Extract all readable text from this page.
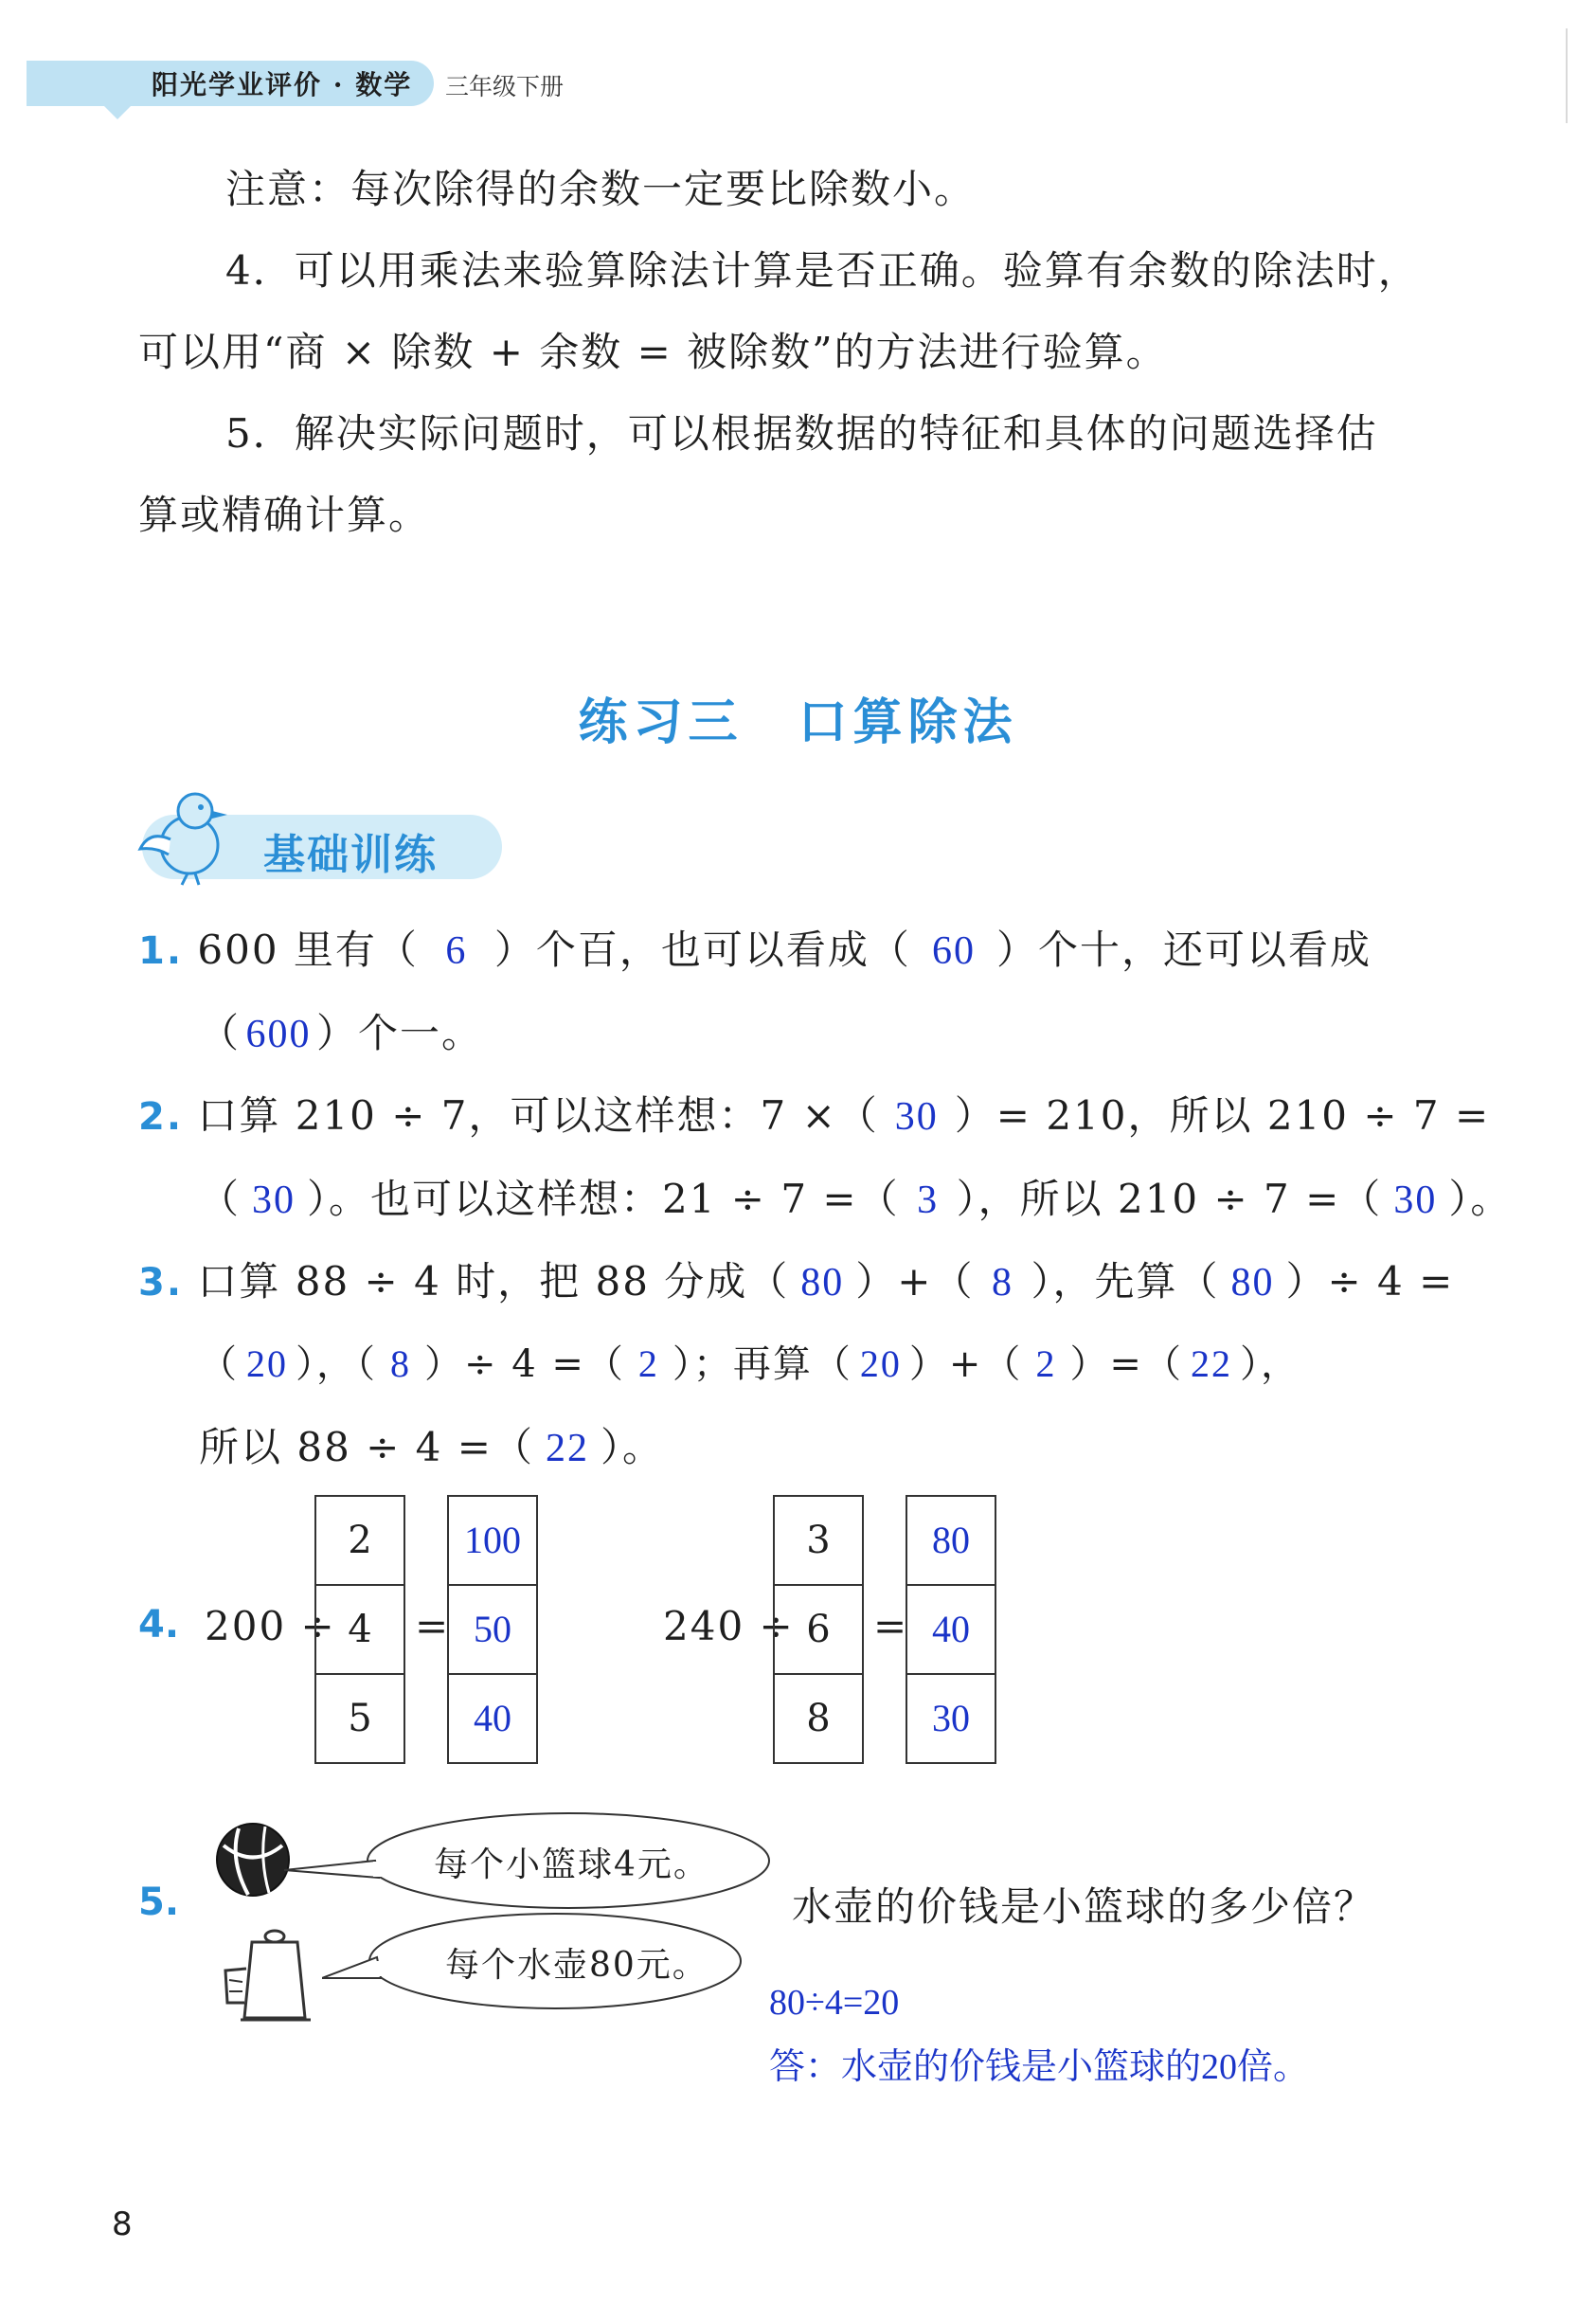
阳光学业评价 · 数学 三年级下册
注意：每次除得的余数一定要比除数小。
4．可以用乘法来验算除法计算是否正确。验算有余数的除法时，
可以用“商 × 除数 + 余数 = 被除数”的方法进行验算。
5．解决实际问题时，可以根据数据的特征和具体的问题选择估
算或精确计算。
练习三　口算除法
基础训练
1. 600 里有（ 6 ）个百，也可以看成（ 60 ）个十，还可以看成
（ 600 ）个一。
2. 口算 210 ÷ 7，可以这样想：7 ×（ 30 ）= 210，所以 210 ÷ 7 =
（ 30 ）。也可以这样想：21 ÷ 7 =（ 3 ），所以 210 ÷ 7 =（ 30 ）。
3. 口算 88 ÷ 4 时，把 88 分成（ 80 ）+（ 8 ），先算（ 80 ）÷ 4 =
（ 20 ），（ 8 ）÷ 4 =（ 2 ）；再算（ 20 ）+（ 2 ）=（ 22 ），
所以 88 ÷ 4 =（ 22 ）。
4. 200 ÷
2
4
5
=
100
50
40
240 ÷
3
6
8
=
80
40
30
5.
每个小篮球4元。
每个水壶80元。
水壶的价钱是小篮球的多少倍？
80÷4=20
答：水壶的价钱是小篮球的20倍。
8
